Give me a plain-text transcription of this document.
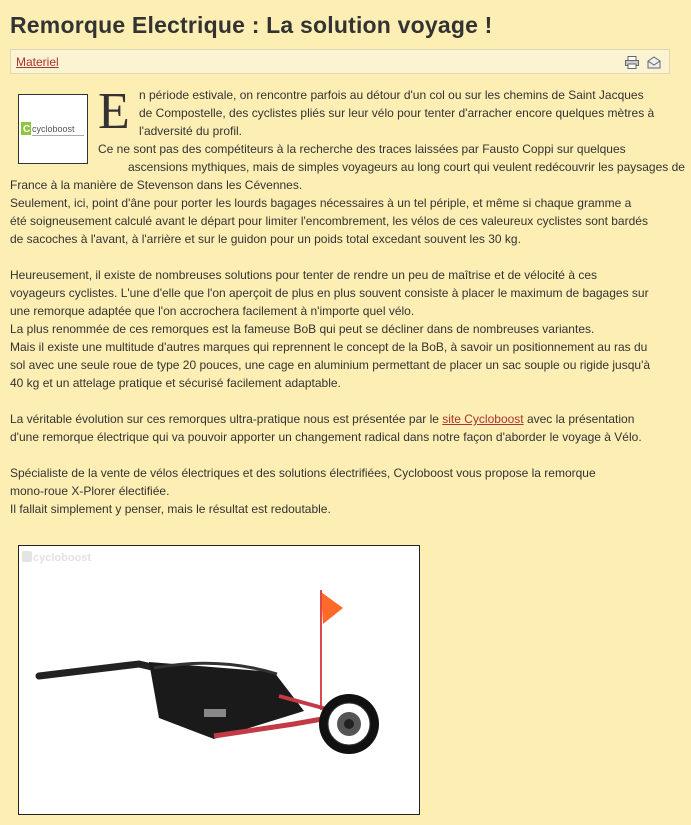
Remorque Electrique : La solution voyage !
Materiel
C cycloboost E n période estivale, on rencontre parfois au détour d'un col ou sur les chemins de Saint Jacques
de Compostelle, des cyclistes pliés sur leur vélo pour tenter d'arracher encore quelques mètres à
l'adversité du profil.
Ce ne sont pas des compétiteurs à la recherche des traces laissées par Fausto Coppi sur quelques
ascensions mythiques, mais de simples voyageurs au long court qui veulent redécouvrir les paysages de
France à la manière de Stevenson dans les Cévennes.
Seulement, ici, point d'âne pour porter les lourds bagages nécessaires à un tel périple, et même si chaque gramme a
été soigneusement calculé avant le départ pour limiter l'encombrement, les vélos de ces valeureux cyclistes sont bardés
de sacoches à l'avant, à l'arrière et sur le guidon pour un poids total excedant souvent les 30 kg.
Heureusement, il existe de nombreuses solutions pour tenter de rendre un peu de maîtrise et de vélocité à ces
voyageurs cyclistes. L'une d'elle que l'on aperçoit de plus en plus souvent consiste à placer le maximum de bagages sur
une remorque adaptée que l'on accrochera facilement à n'importe quel vélo.
La plus renommée de ces remorques est la fameuse BoB qui peut se décliner dans de nombreuses variantes.
Mais il existe une multitude d'autres marques qui reprennent le concept de la BoB, à savoir un positionnement au ras du
sol avec une seule roue de type 20 pouces, une cage en aluminium permettant de placer un sac souple ou rigide jusqu'à
40 kg et un attelage pratique et sécurisé facilement adaptable.
La véritable évolution sur ces remorques ultra-pratique nous est présentée par le site Cycloboost avec la présentation
d'une remorque électrique qui va pouvoir apporter un changement radical dans notre façon d'aborder le voyage à Vélo.
Spécialiste de la vente de vélos électriques et des solutions électrifiées, Cycloboost vous propose la remorque
mono-roue X-Plorer électifiée.
Il fallait simplement y penser, mais le résultat est redoutable.
cycloboost
